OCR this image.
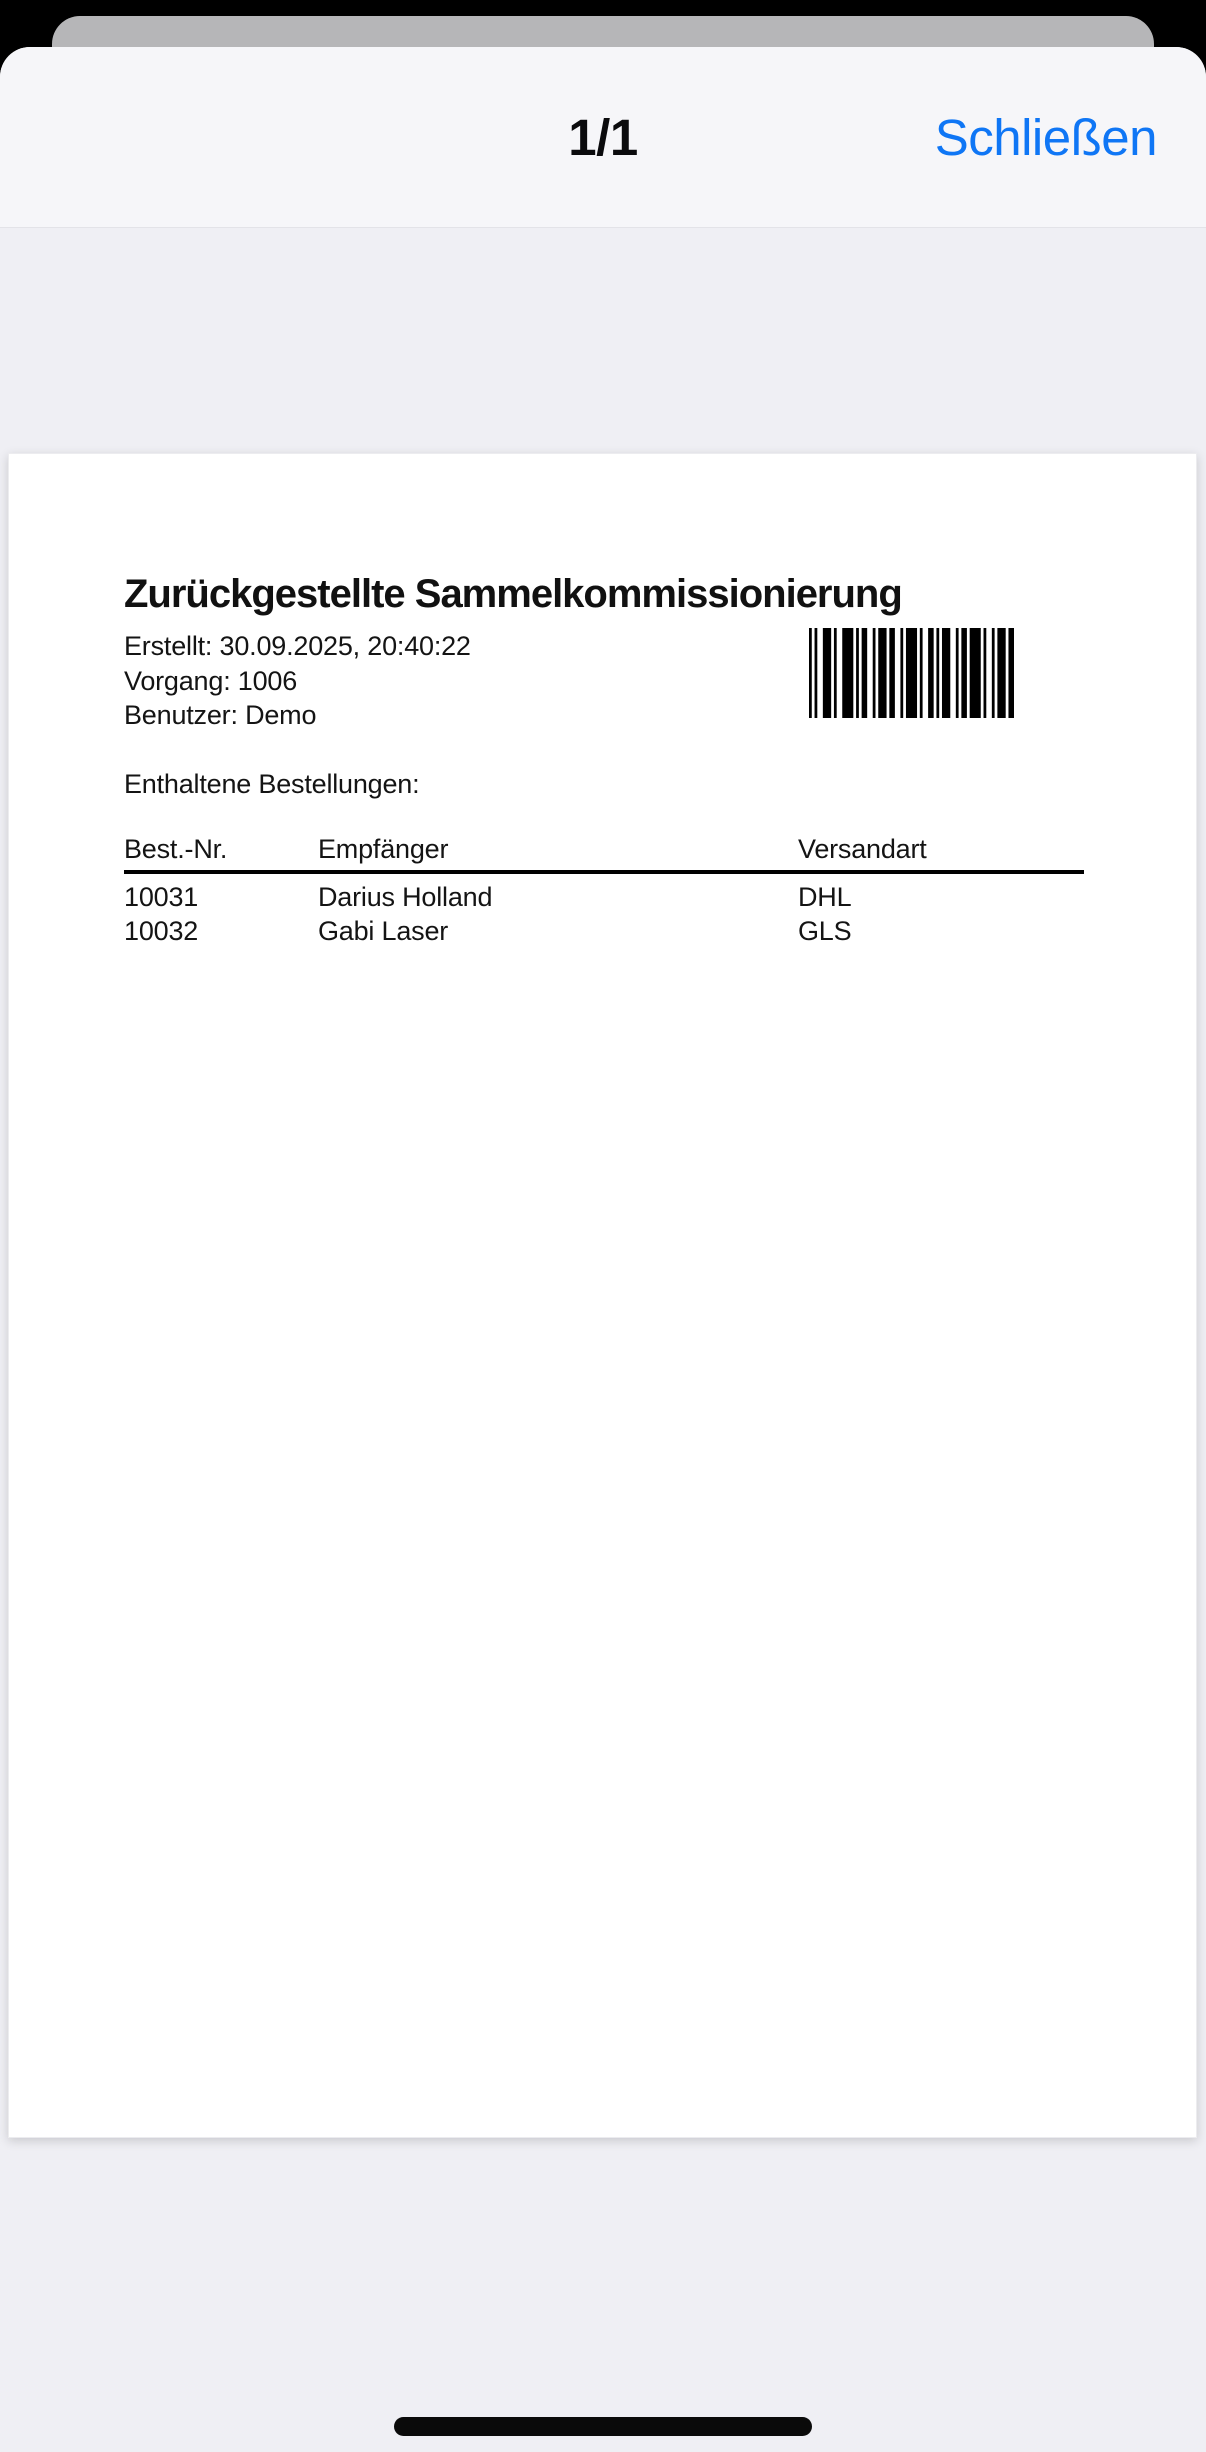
1/1	Schließen
Zurückgestellte Sammelkommissionierung
Erstellt: 30.09.2025, 20:40:22
Vorgang: 1006
Benutzer: Demo
Enthaltene Bestellungen:
Best.-Nr.	Empfänger	Versandart
10031	Darius Holland	DHL
10032	Gabi Laser	GLS
